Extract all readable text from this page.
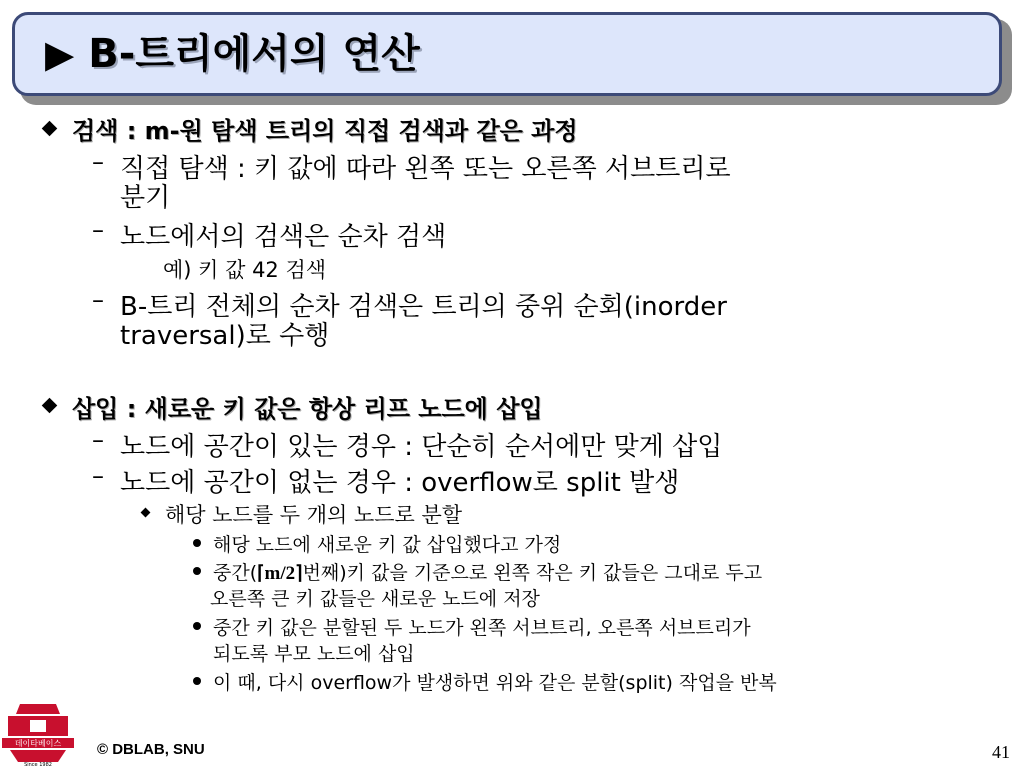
▶ B-트리에서의 연산
검색 : m-원 탐색 트리의 직접 검색과 같은 과정
– 직접 탐색 : 키 값에 따라 왼쪽 또는 오른쪽 서브트리로
분기
– 노드에서의 검색은 순차 검색
예) 키 값 42 검색
– B-트리 전체의 순차 검색은 트리의 중위 순회(inorder
traversal)로 수행
삽입 : 새로운 키 값은 항상 리프 노드에 삽입
– 노드에 공간이 있는 경우 : 단순히 순서에만 맞게 삽입
– 노드에 공간이 없는 경우 : overflow로 split 발생
해당 노드를 두 개의 노드로 분할
해당 노드에 새로운 키 값 삽입했다고 가정
중간(⌈m/2⌉번째)키 값을 기준으로 왼쪽 작은 키 값들은 그대로 두고
오른쪽 큰 키 값들은 새로운 노드에 저장
중간 키 값은 분할된 두 노드가 왼쪽 서브트리, 오른쪽 서브트리가
되도록 부모 노드에 삽입
이 때, 다시 overflow가 발생하면 위와 같은 분할(split) 작업을 반복
데이타베이스
Since 1982
© DBLAB, SNU	41
